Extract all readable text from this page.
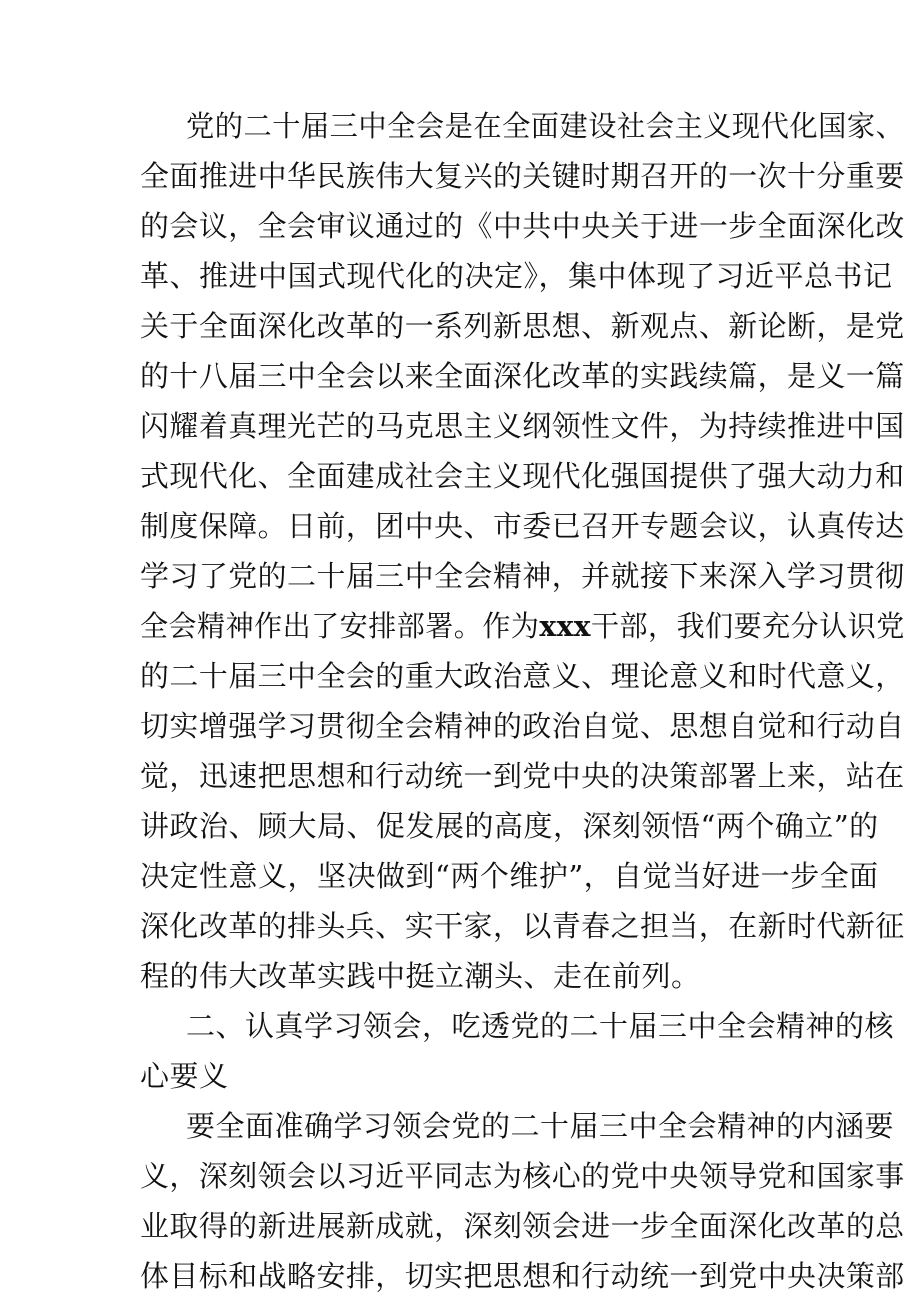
党的二十届三中全会是在全面建设社会主义现代化国家、
全面推进中华民族伟大复兴的关键时期召开的一次十分重要
的会议，全会审议通过的《中共中央关于进一步全面深化改
革、推进中国式现代化的决定》，集中体现了习近平总书记
关于全面深化改革的一系列新思想、新观点、新论断，是党
的十八届三中全会以来全面深化改革的实践续篇，是义一篇
闪耀着真理光芒的马克思主义纲领性文件，为持续推进中国
式现代化、全面建成社会主义现代化强国提供了强大动力和
制度保障。日前，团中央、市委已召开专题会议，认真传达
学习了党的二十届三中全会精神，并就接下来深入学习贯彻
全会精神作出了安排部署。作为xxx干部，我们要充分认识党
的二十届三中全会的重大政治意义、理论意义和时代意义，
切实增强学习贯彻全会精神的政治自觉、思想自觉和行动自
觉，迅速把思想和行动统一到党中央的决策部署上来，站在
讲政治、顾大局、促发展的高度，深刻领悟“两个确立”的
决定性意义，坚决做到“两个维护”，自觉当好进一步全面
深化改革的排头兵、实干家，以青春之担当，在新时代新征
程的伟大改革实践中挺立潮头、走在前列。
二、认真学习领会，吃透党的二十届三中全会精神的核
心要义
要全面准确学习领会党的二十届三中全会精神的内涵要
义，深刻领会以习近平同志为核心的党中央领导党和国家事
业取得的新进展新成就，深刻领会进一步全面深化改革的总
体目标和战略安排，切实把思想和行动统一到党中央决策部
